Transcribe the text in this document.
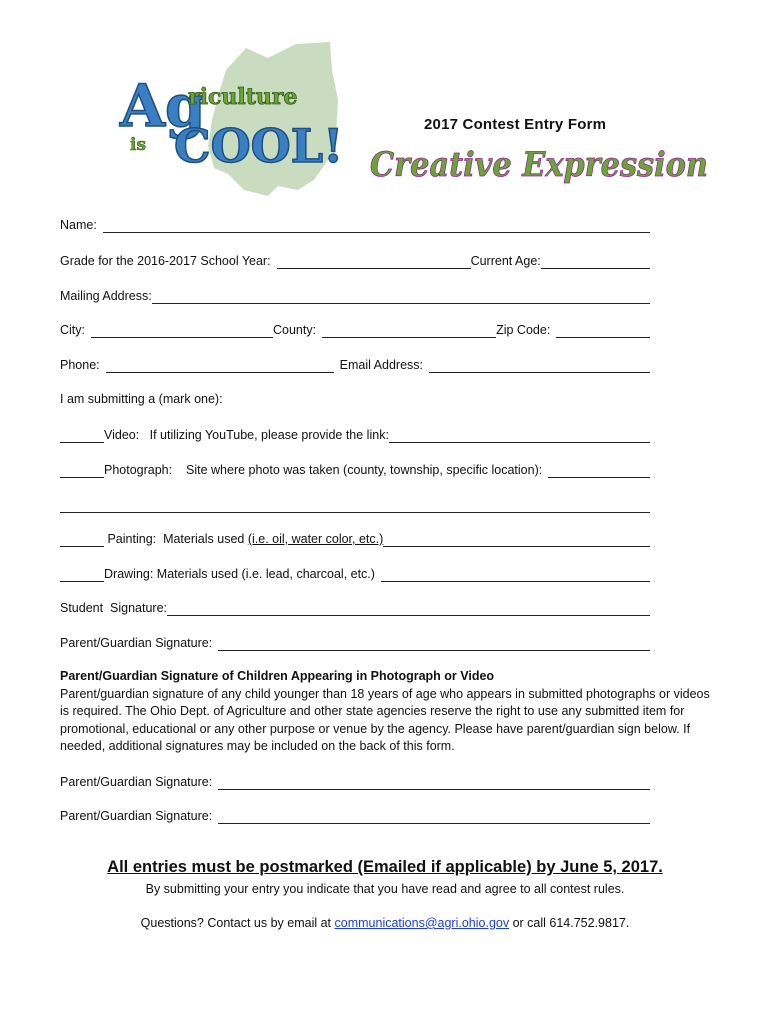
Ag
riculture
is COOL!	2017 Contest Entry Form
Creative Expression
Name:
Grade for the 2016-2017 School Year:	Current Age:
Mailing Address:
City:	County:	Zip Code:
Phone:	Email Address:
I am submitting a (mark one):
Video:   If utilizing YouTube, please provide the link:
Photograph:    Site where photo was taken (county, township, specific location):
Painting:  Materials used (i.e. oil, water color, etc.)
Drawing: Materials used (i.e. lead, charcoal, etc.)
Student  Signature:
Parent/Guardian Signature:
Parent/Guardian Signature of Children Appearing in Photograph or Video
Parent/guardian signature of any child younger than 18 years of age who appears in submitted photographs or videos is required. The Ohio Dept. of Agriculture and other state agencies reserve the right to use any submitted item for promotional, educational or any other purpose or venue by the agency. Please have parent/guardian sign below. If needed, additional signatures may be included on the back of this form.
Parent/Guardian Signature:
Parent/Guardian Signature:
All entries must be postmarked (Emailed if applicable) by June 5, 2017.
By submitting your entry you indicate that you have read and agree to all contest rules.
Questions? Contact us by email at communications@agri.ohio.gov or call 614.752.9817.
